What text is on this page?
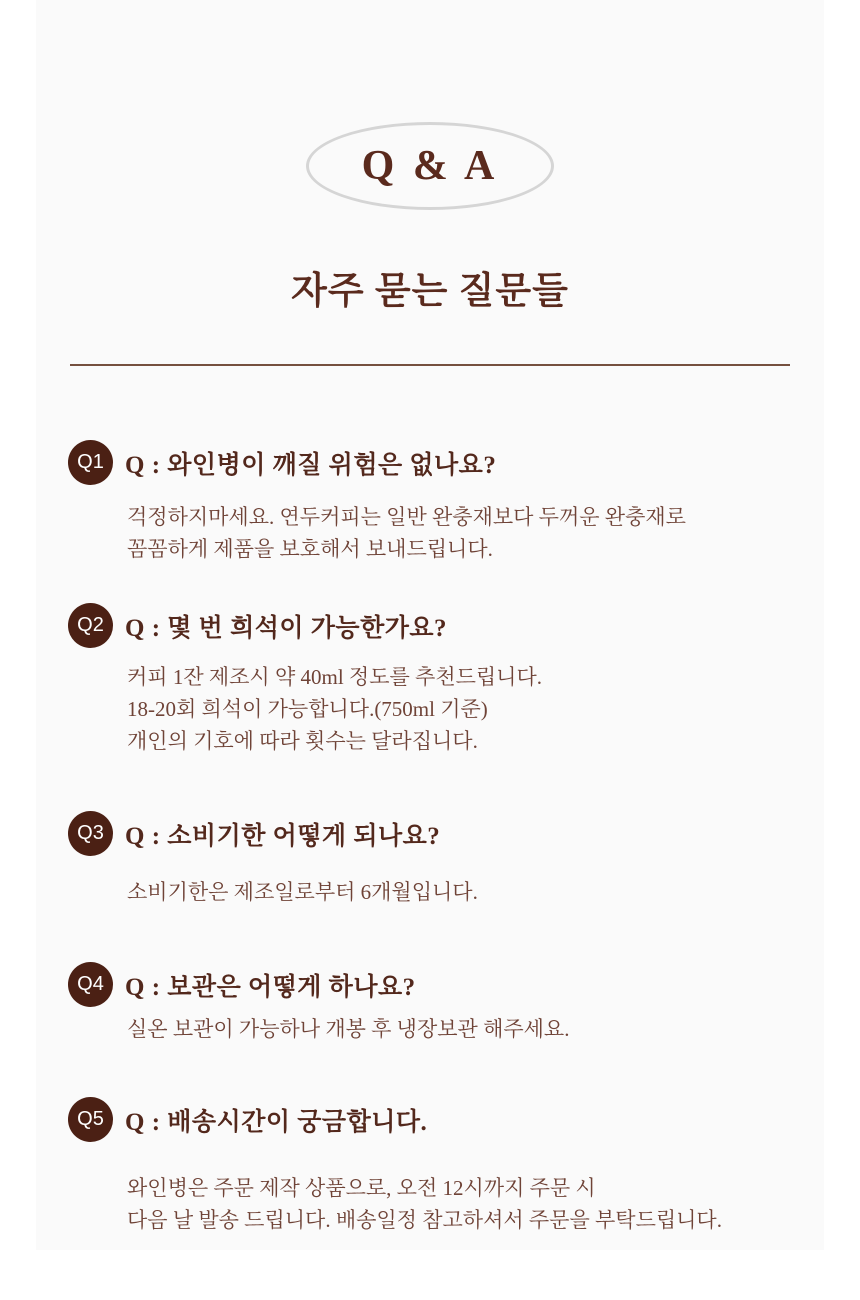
Q & A
자주 묻는 질문들
Q1 Q : 와인병이 깨질 위험은 없나요?

걱정하지마세요. 연두커피는 일반 완충재보다 두꺼운 완충재로

꼼꼼하게 제품을 보호해서 보내드립니다.

Q2 Q : 몇 번 희석이 가능한가요?

커피 1잔 제조시 약 40ml 정도를 추천드립니다.

18-20회 희석이 가능합니다.(750ml 기준)

개인의 기호에 따라 횟수는 달라집니다.

Q3 Q : 소비기한 어떻게 되나요?

소비기한은 제조일로부터 6개월입니다.

Q4 Q : 보관은 어떻게 하나요?

실온 보관이 가능하나 개봉 후 냉장보관 해주세요.

Q5 Q : 배송시간이 궁금합니다.

와인병은 주문 제작 상품으로, 오전 12시까지 주문 시

다음 날 발송 드립니다. 배송일정 참고하셔서 주문을 부탁드립니다.
